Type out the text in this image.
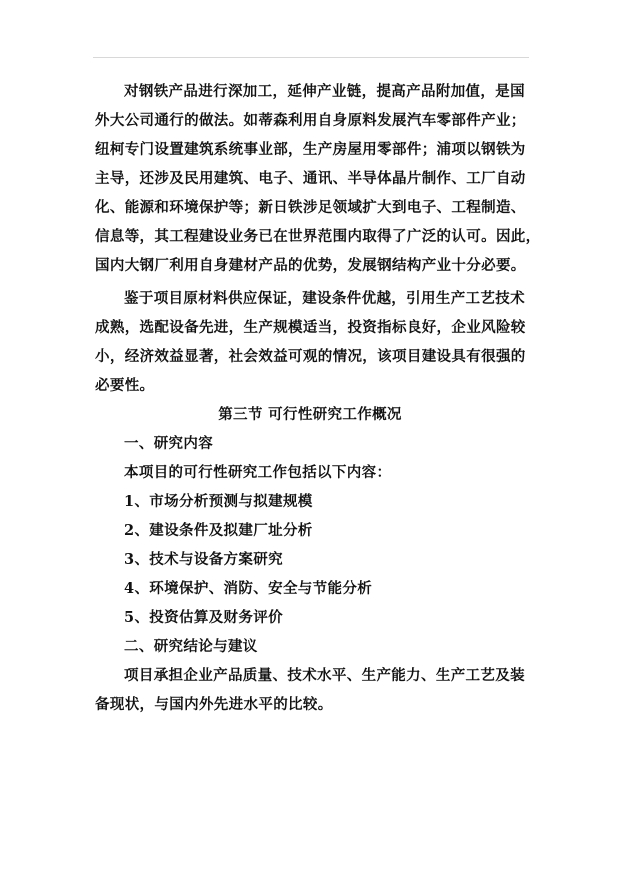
对钢铁产品进行深加工，延伸产业链，提高产品附加值，是国
外大公司通行的做法。如蒂森利用自身原料发展汽车零部件产业；
纽柯专门设置建筑系统事业部，生产房屋用零部件；浦项以钢铁为
主导，还涉及民用建筑、电子、通讯、半导体晶片制作、工厂自动
化、能源和环境保护等；新日铁涉足领域扩大到电子、工程制造、
信息等，其工程建设业务已在世界范围内取得了广泛的认可。因此，
国内大钢厂利用自身建材产品的优势，发展钢结构产业十分必要。
鉴于项目原材料供应保证，建设条件优越，引用生产工艺技术
成熟，选配设备先进，生产规模适当，投资指标良好，企业风险较
小，经济效益显著，社会效益可观的情况，该项目建设具有很强的
必要性。
第三节 可行性研究工作概况
一、研究内容
本项目的可行性研究工作包括以下内容：
1、市场分析预测与拟建规模
2、建设条件及拟建厂址分析
3、技术与设备方案研究
4、环境保护、消防、安全与节能分析
5、投资估算及财务评价
二、研究结论与建议
项目承担企业产品质量、技术水平、生产能力、生产工艺及装
备现状，与国内外先进水平的比较。
